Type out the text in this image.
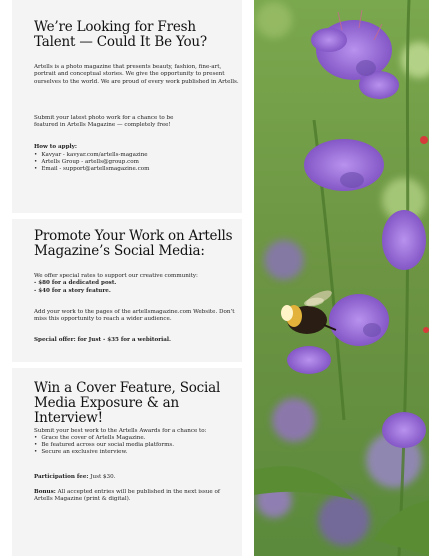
We’re Looking for Fresh Talent — Could It Be You?

Artells is a photo magazine that presents beauty, fashion, fine-art, portrait and conceptual stories. We give the opportunity to present ourselves to the world. We are proud of every work published in Artells.

Submit your latest photo work for a chance to be featured in Artells Magazine — completely free!

How to apply:

• Kavyar - kavyar.com/artells-magazine
• Artells Group - artells@group.com
• Email - support@artellsmagazine.com
Promote Your Work on Artells Magazine’s Social Media:

We offer special rates to support our creative community:

- $80 for a dedicated post.

- $40 for a story feature.

Add your work to the pages of the artellsmagazine.com Website. Don’t miss this opportunity to reach a wider audience.

Special offer: for Just - $35 for a webitorial.

Win a Cover Feature, Social Media Exposure & an Interview!

Submit your best work to the Artells Awards for a chance to:

• Grace the cover of Artells Magazine.
• Be featured across our social media platforms.
• Secure an exclusive interview.

Participation fee: Just $30.

Bonus: All accepted entries will be published in the next issue of Artells Magazine (print & digital).
